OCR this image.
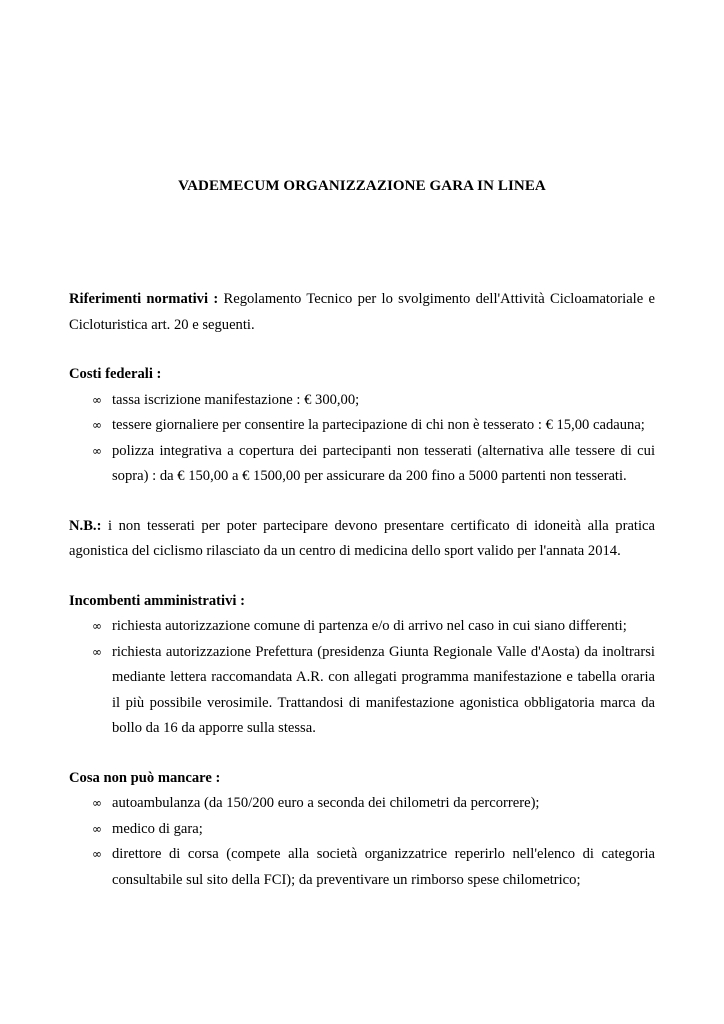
VADEMECUM ORGANIZZAZIONE GARA IN LINEA

Riferimenti normativi : Regolamento Tecnico per lo svolgimento dell'Attività Cicloamatoriale e Cicloturistica art. 20 e seguenti.

Costi federali :

∞ tassa iscrizione manifestazione : € 300,00;
∞ tessere giornaliere per consentire la partecipazione di chi non è tesserato : € 15,00 cadauna;
∞ polizza integrativa a copertura dei partecipanti non tesserati (alternativa alle tessere di cui sopra) : da € 150,00 a € 1500,00 per assicurare da 200 fino a 5000 partenti non tesserati.

N.B.: i non tesserati per poter partecipare devono presentare certificato di idoneità alla pratica agonistica del ciclismo rilasciato da un centro di medicina dello sport valido per l'annata 2014.

Incombenti amministrativi :

∞ richiesta autorizzazione comune di partenza e/o di arrivo nel caso in cui siano differenti;
∞ richiesta autorizzazione Prefettura (presidenza Giunta Regionale Valle d'Aosta) da inoltrarsi mediante lettera raccomandata A.R. con allegati programma manifestazione e tabella oraria il più possibile verosimile. Trattandosi di manifestazione agonistica obbligatoria marca da bollo da 16 da apporre sulla stessa.

Cosa non può mancare :

∞ autoambulanza (da 150/200 euro a seconda dei chilometri da percorrere);
∞ medico di gara;
∞ direttore di corsa (compete alla società organizzatrice reperirlo nell'elenco di categoria consultabile sul sito della FCI); da preventivare un rimborso spese chilometrico;
